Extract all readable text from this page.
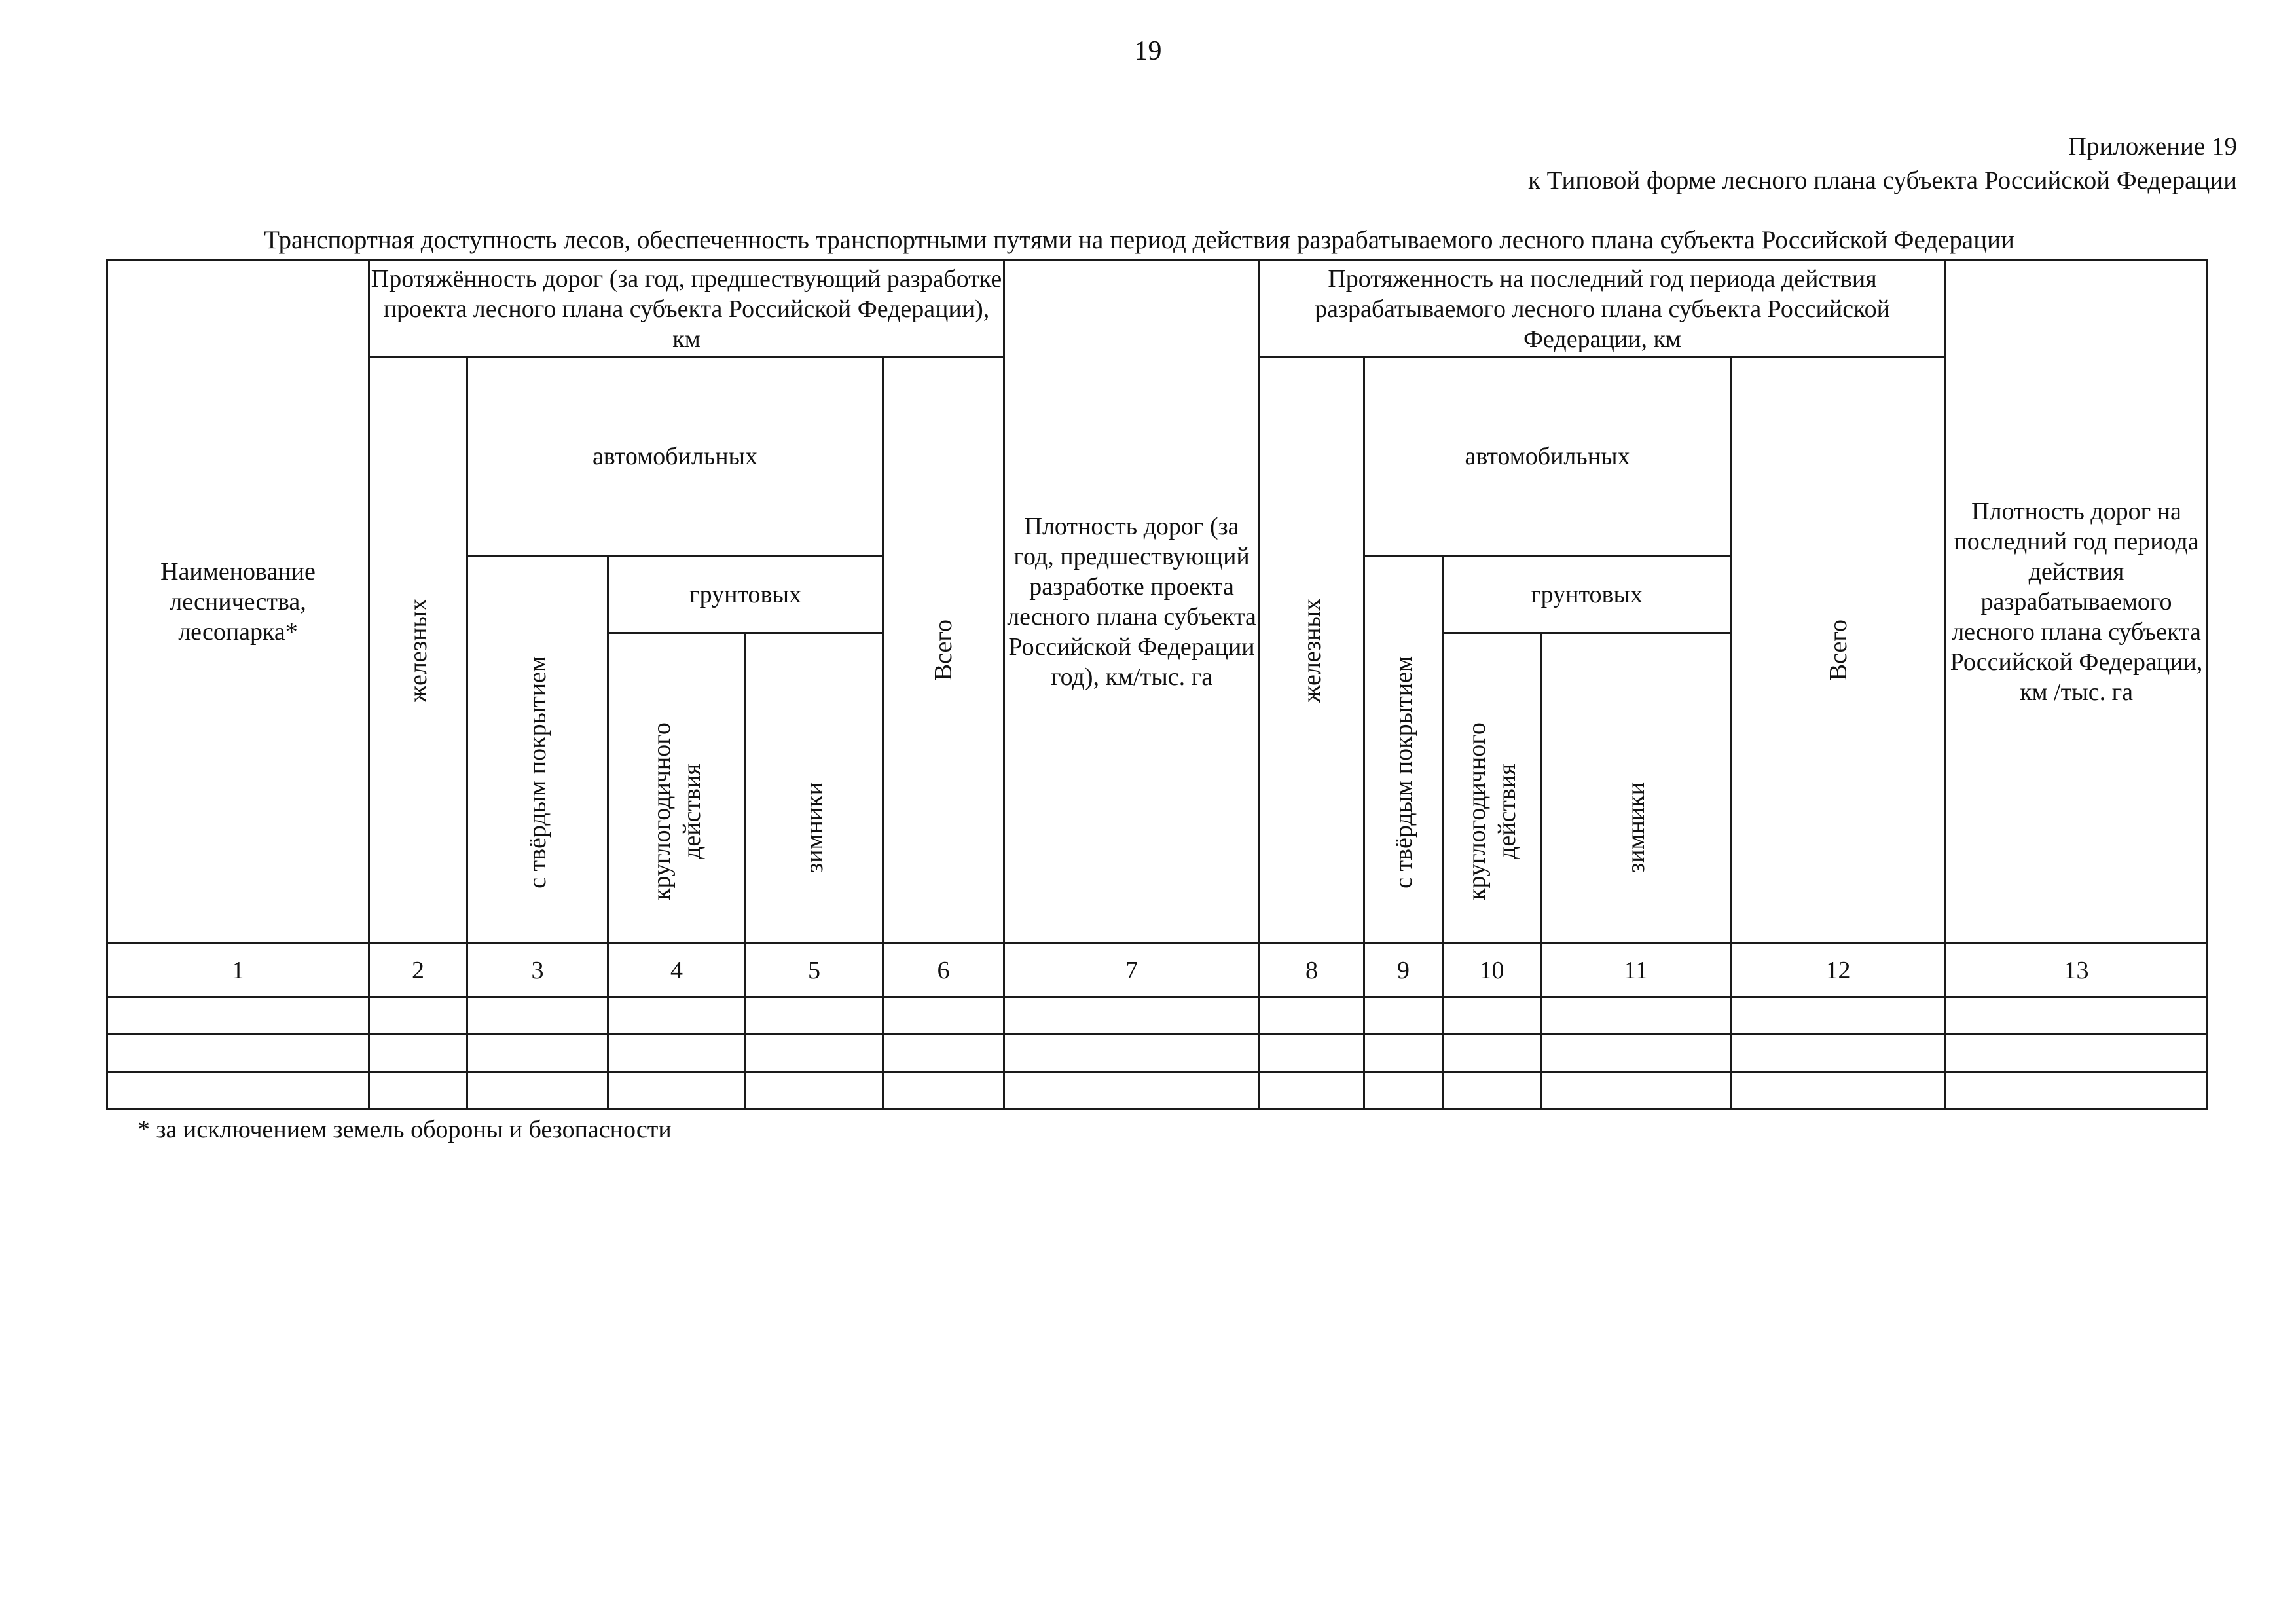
19
Приложение 19
к Типовой форме лесного плана субъекта Российской Федерации
Транспортная доступность лесов, обеспеченность транспортными путями на период действия разрабатываемого лесного плана субъекта Российской Федерации
Наименование лесничества, лесопарка*	Протяжённость дорог (за год, предшествующий разработке проекта лесного плана субъекта Российской Федерации), км					Плотность дорог (за год, предшествующий разработке проекта лесного плана субъекта Российской Федерации год), км/тыс. га	Протяженность на последний год периода действия разрабатываемого лесного плана субъекта Российской Федерации, км					Плотность дорог на последний год периода действия разрабатываемого лесного плана субъекта Российской Федерации, км /тыс. га

	железных	автомобильных			Всего		железных	автомобильных			Всего	

		с твёрдым покрытием	грунтовых					с твёрдым покрытием	грунтовых			

			круглогодичного действия	зимники					круглогодичного действия	зимники		

1	2	3	4	5	6	7	8	9	10	11	12	13

* за исключением земель обороны и безопасности
